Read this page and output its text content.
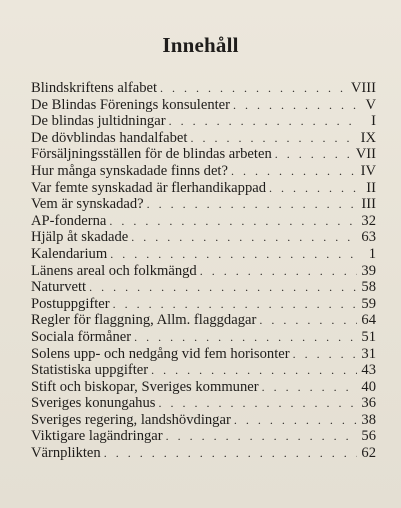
Innehåll
Blindskriftens alfabet . . .	VIII
De Blindas Förenings konsulenter . . .	V
De blindas jultidningar . . .	I
De dövblindas handalfabet . . .	IX
Försäljningsställen för de blindas arbeten . . .	VII
Hur många synskadade finns det? . . .	IV
Var femte synskadad är flerhandikappad . . .	II
Vem är synskadad? . . .	III
AP-fonderna . . .	32
Hjälp åt skadade . . .	63
Kalendarium . . .	1
Länens areal och folkmängd . . .	39
Naturvett . . .	58
Postuppgifter . . .	59
Regler för flaggning, Allm. flaggdagar . . .	64
Sociala förmåner . . .	51
Solens upp- och nedgång vid fem horisonter . . .	31
Statistiska uppgifter . . .	43
Stift och biskopar, Sveriges kommuner . . .	40
Sveriges konungahus . . .	36
Sveriges regering, landshövdingar . . .	38
Viktigare lagändringar . . .	56
Värnplikten . . .	62
